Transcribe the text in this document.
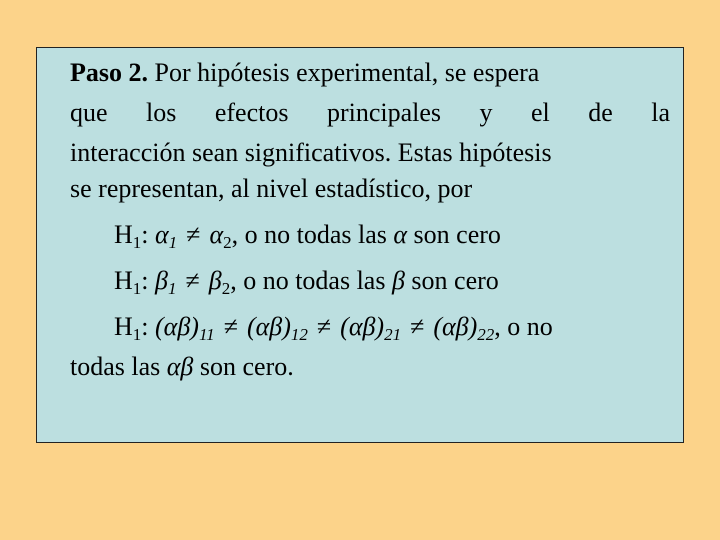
Paso 2. Por hipótesis experimental, se espera
que los efectos principales y el de la
interacción sean significativos. Estas hipótesis
se representan, al nivel estadístico, por
$H_1$: $\alpha_1 \ne \alpha_2$, o no todas las α son cero
$H_1$: $\beta_1 \ne \beta_2$, o no todas las β son cero
$H_1$: $(\alpha\beta)_{11} \ne (\alpha\beta)_{12} \ne (\alpha\beta)_{21} \ne (\alpha\beta)_{22}$, o no
todas las αβ son cero.
